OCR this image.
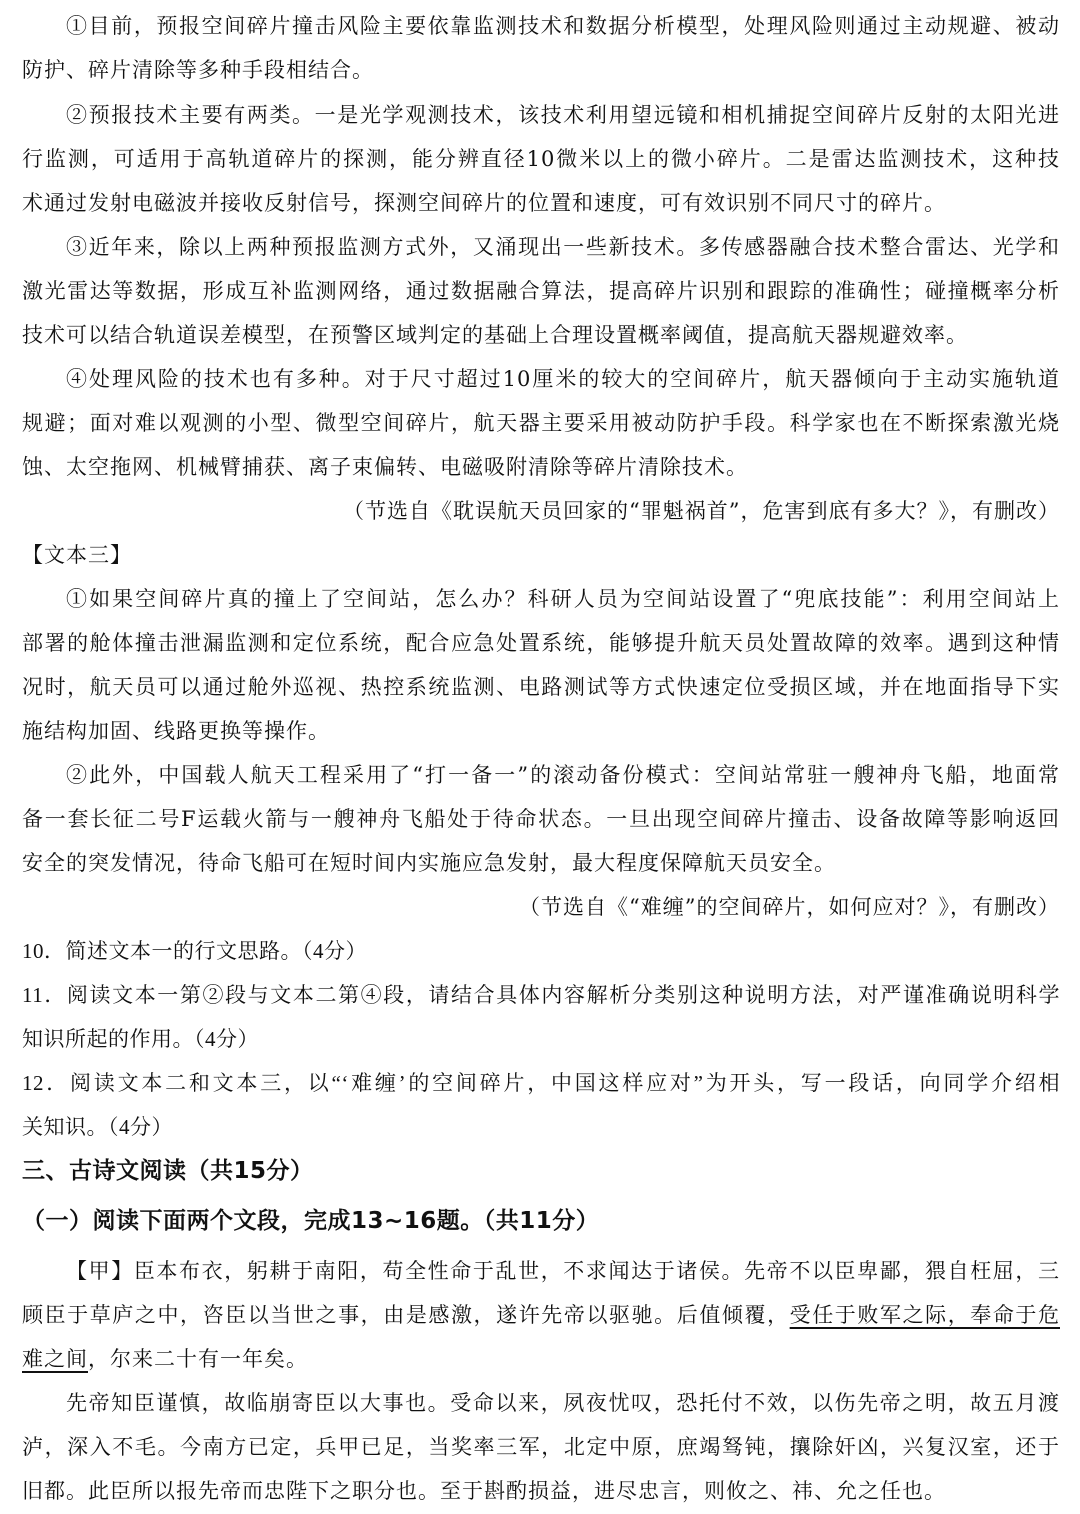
①目前，预报空间碎片撞击风险主要依靠监测技术和数据分析模型，处理风险则通过主动规避、被动
防护、碎片清除等多种手段相结合。
②预报技术主要有两类。一是光学观测技术，该技术利用望远镜和相机捕捉空间碎片反射的太阳光进
行监测，可适用于高轨道碎片的探测，能分辨直径10微米以上的微小碎片。二是雷达监测技术，这种技
术通过发射电磁波并接收反射信号，探测空间碎片的位置和速度，可有效识别不同尺寸的碎片。
③近年来，除以上两种预报监测方式外，又涌现出一些新技术。多传感器融合技术整合雷达、光学和
激光雷达等数据，形成互补监测网络，通过数据融合算法，提高碎片识别和跟踪的准确性；碰撞概率分析
技术可以结合轨道误差模型，在预警区域判定的基础上合理设置概率阈值，提高航天器规避效率。
④处理风险的技术也有多种。对于尺寸超过10厘米的较大的空间碎片，航天器倾向于主动实施轨道
规避；面对难以观测的小型、微型空间碎片，航天器主要采用被动防护手段。科学家也在不断探索激光烧
蚀、太空拖网、机械臂捕获、离子束偏转、电磁吸附清除等碎片清除技术。
（节选自《耽误航天员回家的“罪魁祸首”，危害到底有多大？》，有删改）
【文本三】
①如果空间碎片真的撞上了空间站，怎么办？科研人员为空间站设置了“兜底技能”：利用空间站上
部署的舱体撞击泄漏监测和定位系统，配合应急处置系统，能够提升航天员处置故障的效率。遇到这种情
况时，航天员可以通过舱外巡视、热控系统监测、电路测试等方式快速定位受损区域，并在地面指导下实
施结构加固、线路更换等操作。
②此外，中国载人航天工程采用了“打一备一”的滚动备份模式：空间站常驻一艘神舟飞船，地面常
备一套长征二号F运载火箭与一艘神舟飞船处于待命状态。一旦出现空间碎片撞击、设备故障等影响返回
安全的突发情况，待命飞船可在短时间内实施应急发射，最大程度保障航天员安全。
（节选自《“难缠”的空间碎片，如何应对？》，有删改）
10．简述文本一的行文思路。（4分）
11．阅读文本一第②段与文本二第④段，请结合具体内容解析分类别这种说明方法，对严谨准确说明科学
知识所起的作用。（4分）
12．阅读文本二和文本三，以“‘难缠’的空间碎片，中国这样应对”为开头，写一段话，向同学介绍相
关知识。（4分）
三、古诗文阅读（共15分）
（一）阅读下面两个文段，完成13~16题。（共11分）
【甲】臣本布衣，躬耕于南阳，苟全性命于乱世，不求闻达于诸侯。先帝不以臣卑鄙，猥自枉屈，三
顾臣于草庐之中，咨臣以当世之事，由是感激，遂许先帝以驱驰。后值倾覆，受任于败军之际，奉命于危
难之间，尔来二十有一年矣。
先帝知臣谨慎，故临崩寄臣以大事也。受命以来，夙夜忧叹，恐托付不效，以伤先帝之明，故五月渡
泸，深入不毛。今南方已定，兵甲已足，当奖率三军，北定中原，庶竭驽钝，攘除奸凶，兴复汉室，还于
旧都。此臣所以报先帝而忠陛下之职分也。至于斟酌损益，进尽忠言，则攸之、祎、允之任也。
